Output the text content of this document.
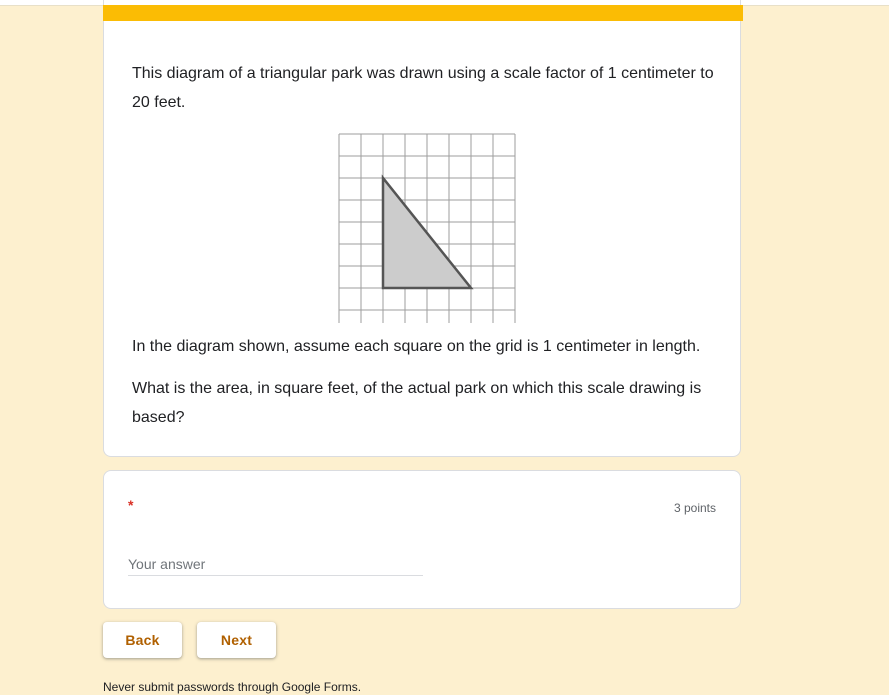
This diagram of a triangular park was drawn using a scale factor of 1 centimeter to 20 feet.

In the diagram shown, assume each square on the grid is 1 centimeter in length.

What is the area, in square feet, of the actual park on which this scale drawing is based?

*	3 points
Your answer
Back	Next

Never submit passwords through Google Forms.
